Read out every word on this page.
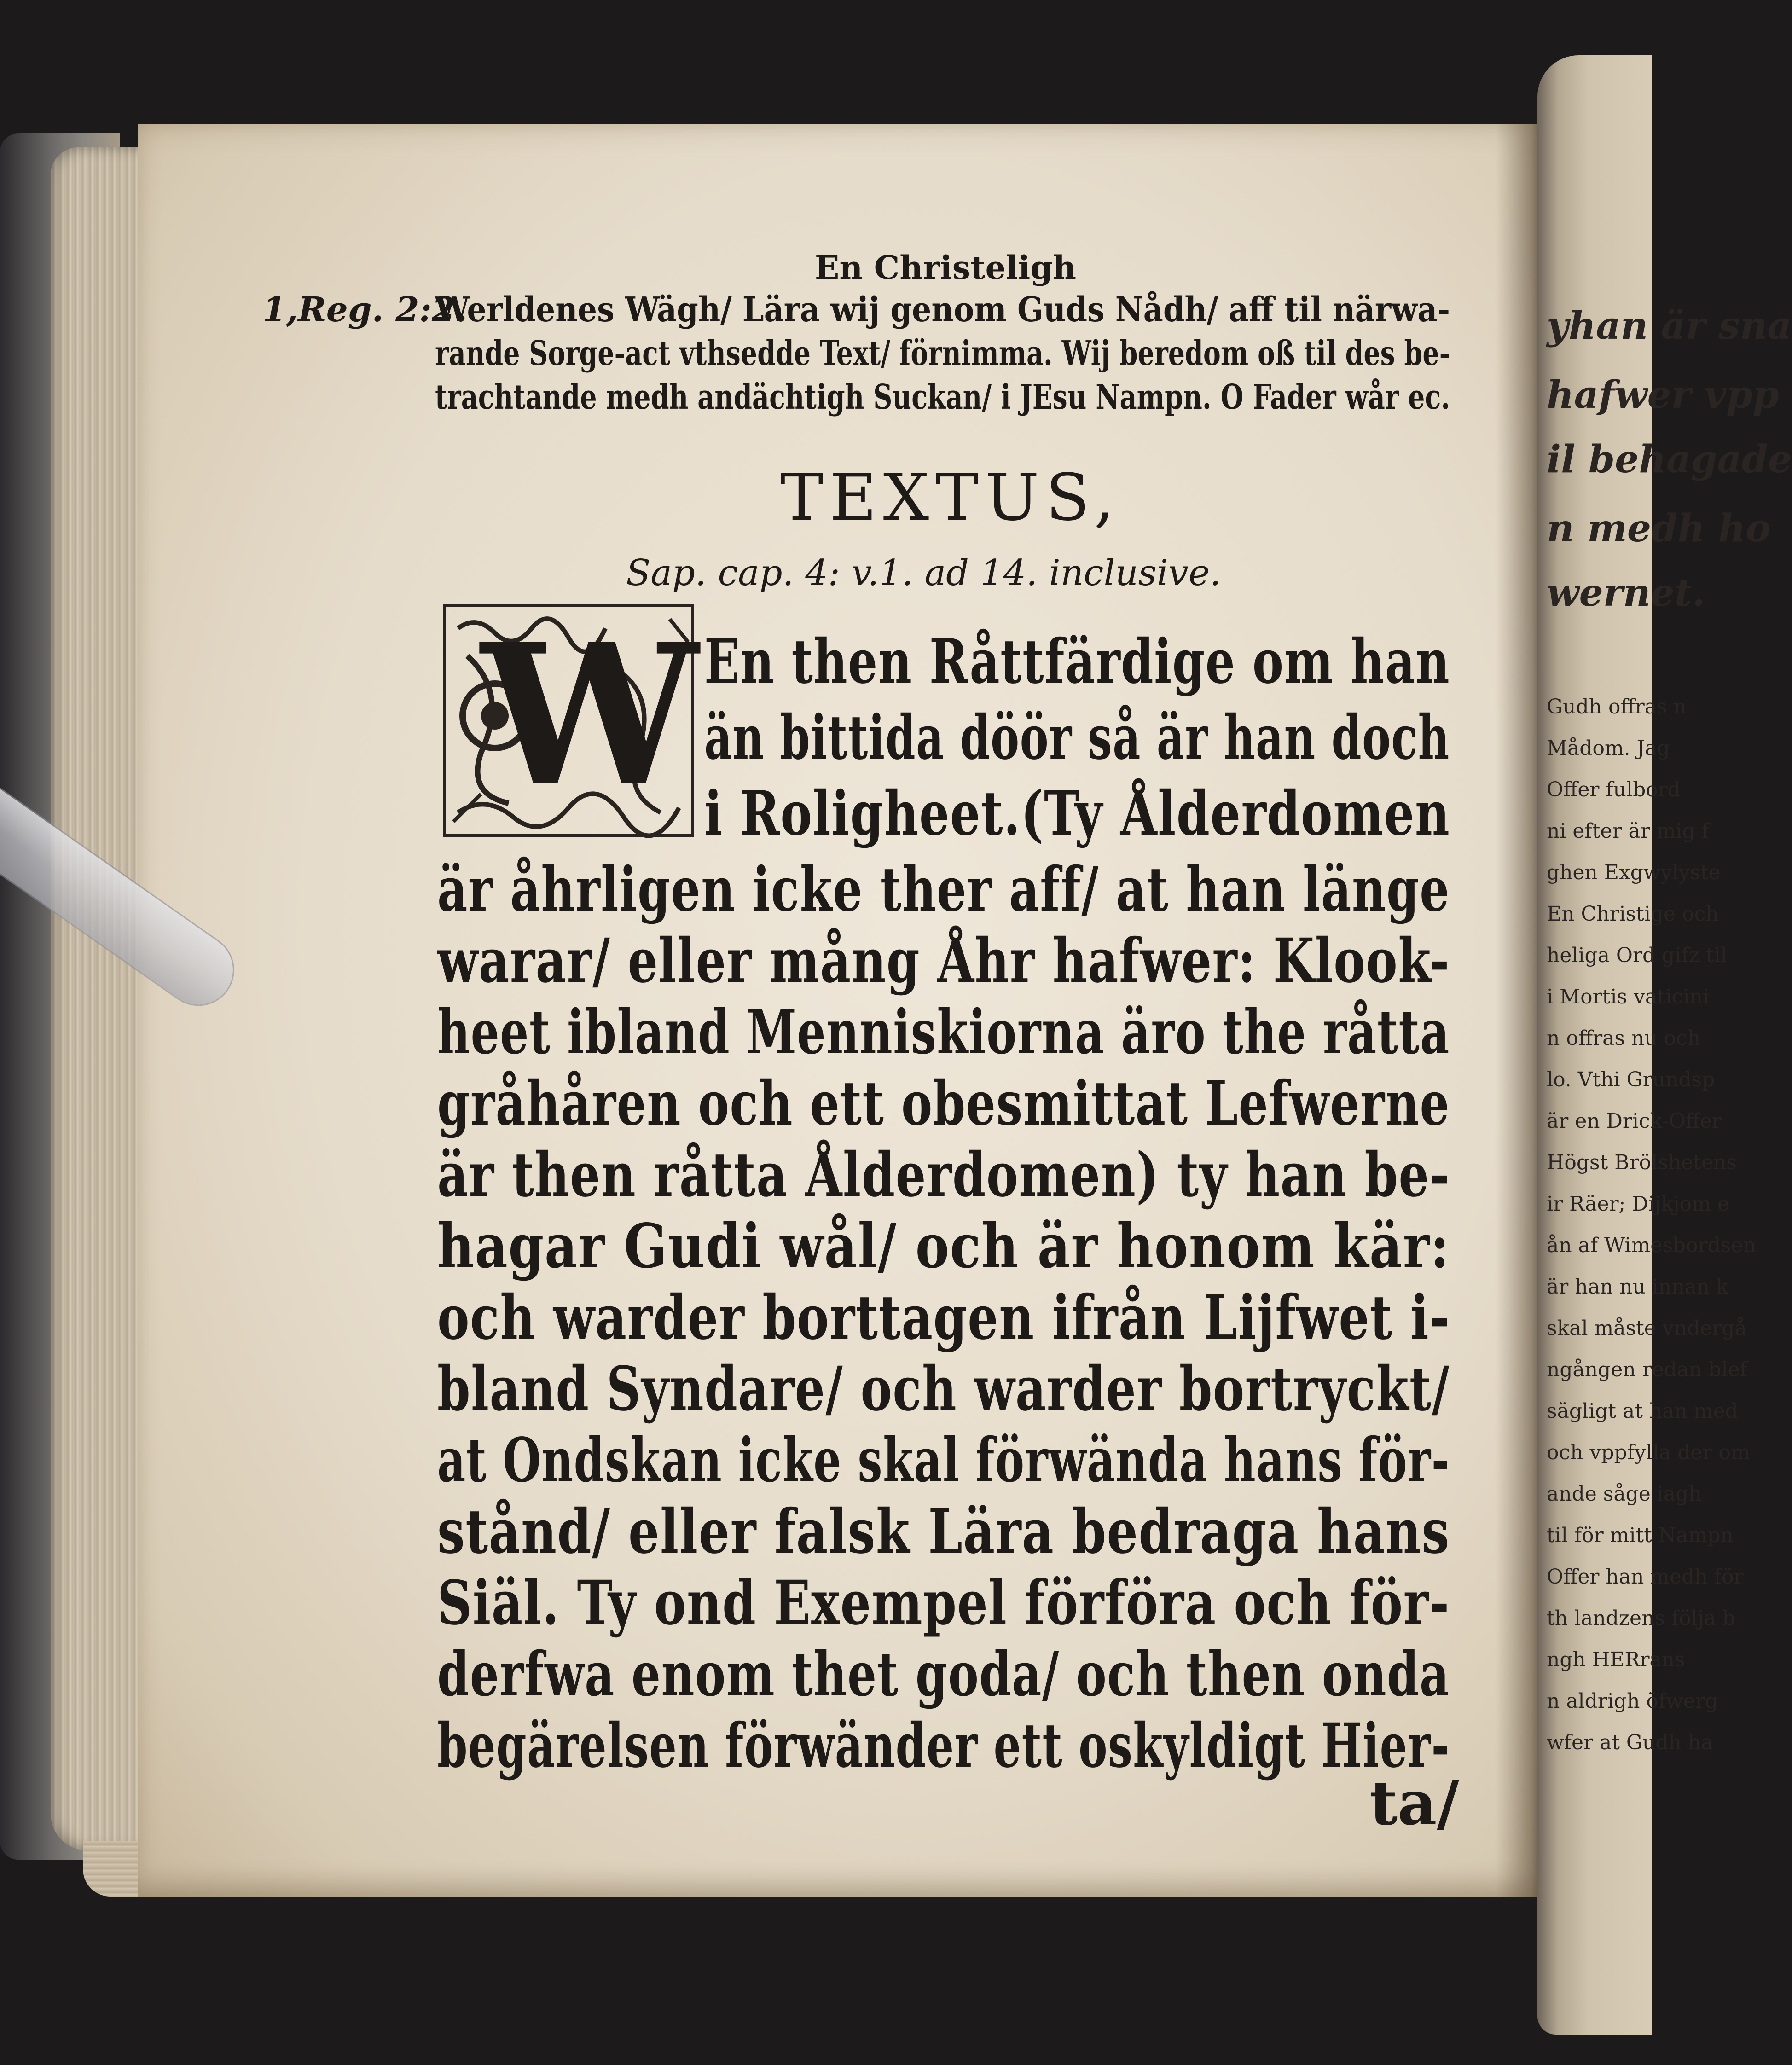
yhan är sna
hafwer vpp
il behagade
n medh ho
wernet.
Gudh offras n
Mådom. Jag
Offer fulbord
ni efter är mig f
ghen Exgwylyste
En Christige och
heliga Ord gifz til
i Mortis vaticini
n offras nu och
lo. Vthi Grundsp
är en Drick-Offer
Högst Brölshetens
ir Räer; Dijkjom e
ån af Wimesbordsen
är han nu innan k
skal måste vndergå
ngången redan blef
sägligt at han med
och vppfylla der om
ande såge iagh
til för mitt Nampn
Offer han medh för
th landzens följa b
ngh HERrans
n aldrigh öfwerg
wfer at Gudh ha
En Christeligh
1,Reg. 2:2.
Werldenes Wägh/ Lära wij genom Guds Nådh/ aff til närwa-
rande Sorge-act vthsedde Text/ förnimma. Wij beredom oß til des be-
trachtande medh andächtigh Suckan/ i JEsu Nampn. O Fader wår ec.
TEXTUS,
Sap. cap. 4: v.1. ad 14. inclusive.
W En then Råttfärdige om han
än bittida döör så är han doch
i Rolighеet.(Ty Ålderdomen
är åhrligen icke ther aff/ at han länge
warar/ eller mång Åhr hafwer: Klook-
heet ibland Menniskiorna äro the råtta
gråhåren och ett obesmittat Lefwerne
är then råtta Ålderdomen) ty han be-
hagar Gudi wål/ och är honom kär:
och warder borttagen ifrån Lijfwet i-
bland Syndare/ och warder bortryckt/
at Ondskan icke skal förwända hans för-
stånd/ eller falsk Lära bedraga hans
Siäl. Ty ond Exempel förföra och för-
derfwa enom thet goda/ och then onda
begärelsen förwänder ett oskyldigt Hier-
ta/
